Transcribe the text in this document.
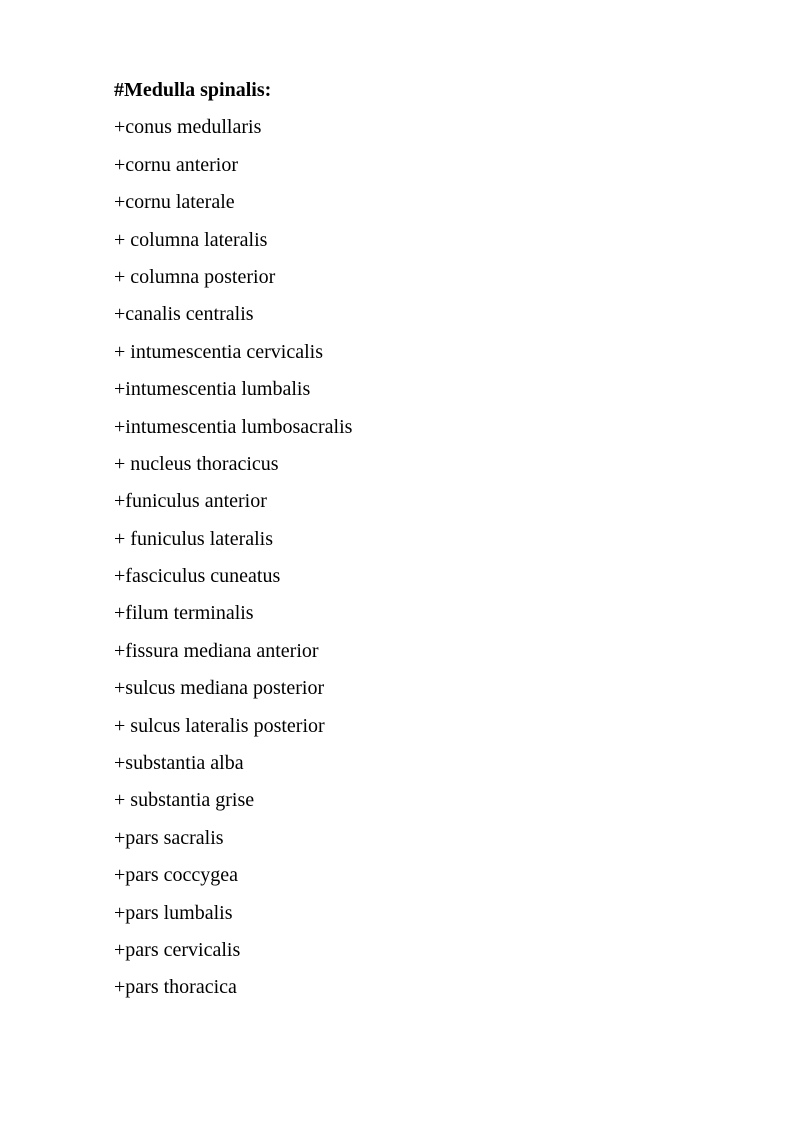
#Medulla spinalis:
+conus medullaris
+cornu anterior
+cornu laterale
+ columna lateralis
+ columna posterior
+canalis centralis
+ intumescentia cervicalis
+intumescentia lumbalis
+intumescentia lumbosacralis
+ nucleus thoracicus
+funiculus anterior
+ funiculus lateralis
+fasciculus cuneatus
+filum terminalis
+fissura mediana anterior
+sulcus mediana posterior
+ sulcus lateralis posterior
+substantia alba
+ substantia grise
+pars sacralis
+pars coccygea
+pars lumbalis
+pars cervicalis
+pars thoracica
